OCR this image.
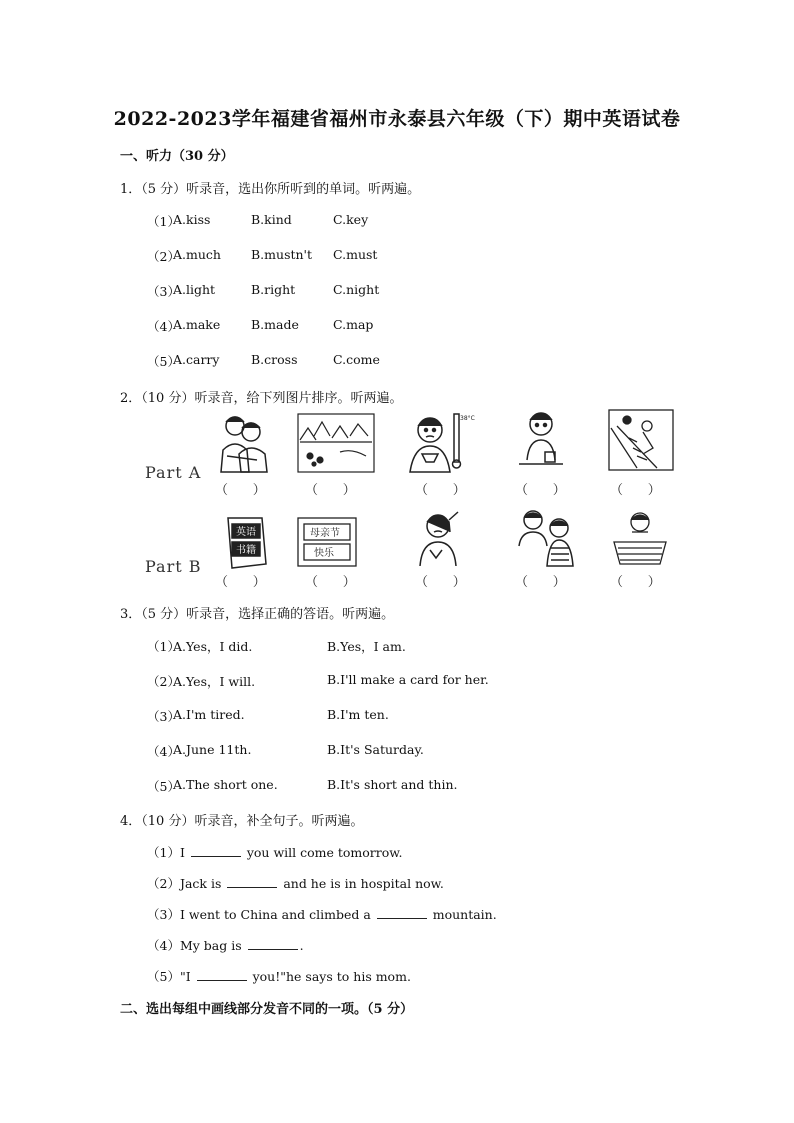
2022-2023学年福建省福州市永泰县六年级（下）期中英语试卷
一、听力（30 分）
1．（5 分）听录音，选出你所听到的单词。听两遍。
（1）
A.kiss	B.kind	C.key
（2）
A.much B.mustn't C.must
（3）
A.light	B.right	C.night
（4）
A.make B.made	C.map
（5）
A.carry	B.cross	C.come
2．（10 分）听录音，给下列图片排序。听两遍。
Part A
Part B
38°C
（      ）	（      ）	（      ）	（      ）	（      ）
英语
书籍
母亲节
快乐
（      ）	（      ）	（      ）	（      ）	（      ）
3．（5 分）听录音，选择正确的答语。听两遍。
（1）
A.Yes，I did.	B.Yes，I am.
（2）
A.Yes，I will.	B.I'll make a card for her.
（3）
A.I'm tired.	B.I'm ten.
（4）
A.June 11th.	B.It's Saturday.
（5）
A.The short one.	B.It's short and thin.
4．（10 分）听录音，补全句子。听两遍。
（1）I	you will come tomorrow.
（2）Jack is	and he is in hospital now.
（3）I went to China and climbed a	mountain.
（4）My bag is	.
（5）"I	you!"he says to his mom.
二、选出每组中画线部分发音不同的一项。（5 分）
